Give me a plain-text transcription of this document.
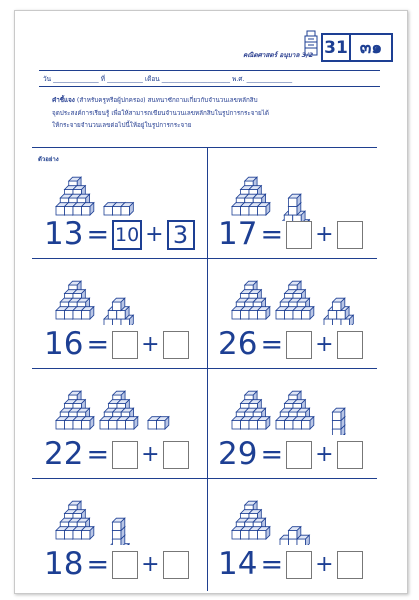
คณิตศาสตร์ อนุบาล 3/2 31 ๓๑
วัน ______________ ที่ ___________ เดือน _____________________ พ.ศ. ______________
คำชี้แจง (สำหรับครูหรือผู้ปกครอง) สนทนาซักถามเกี่ยวกับจำนวนเลขหลักสิบ
จุดประสงค์การเรียนรู้ เพื่อให้สามารถเขียนจำนวนเลขหลักสิบในรูปการกระจายได้
ให้กระจายจำนวนเลขต่อไปนี้ให้อยู่ในรูปการกระจาย
13 = 10 + 3 17 = +
16 = + 26 = +
22 = + 29 = +
18 = + 14 = +
ตัวอย่าง
